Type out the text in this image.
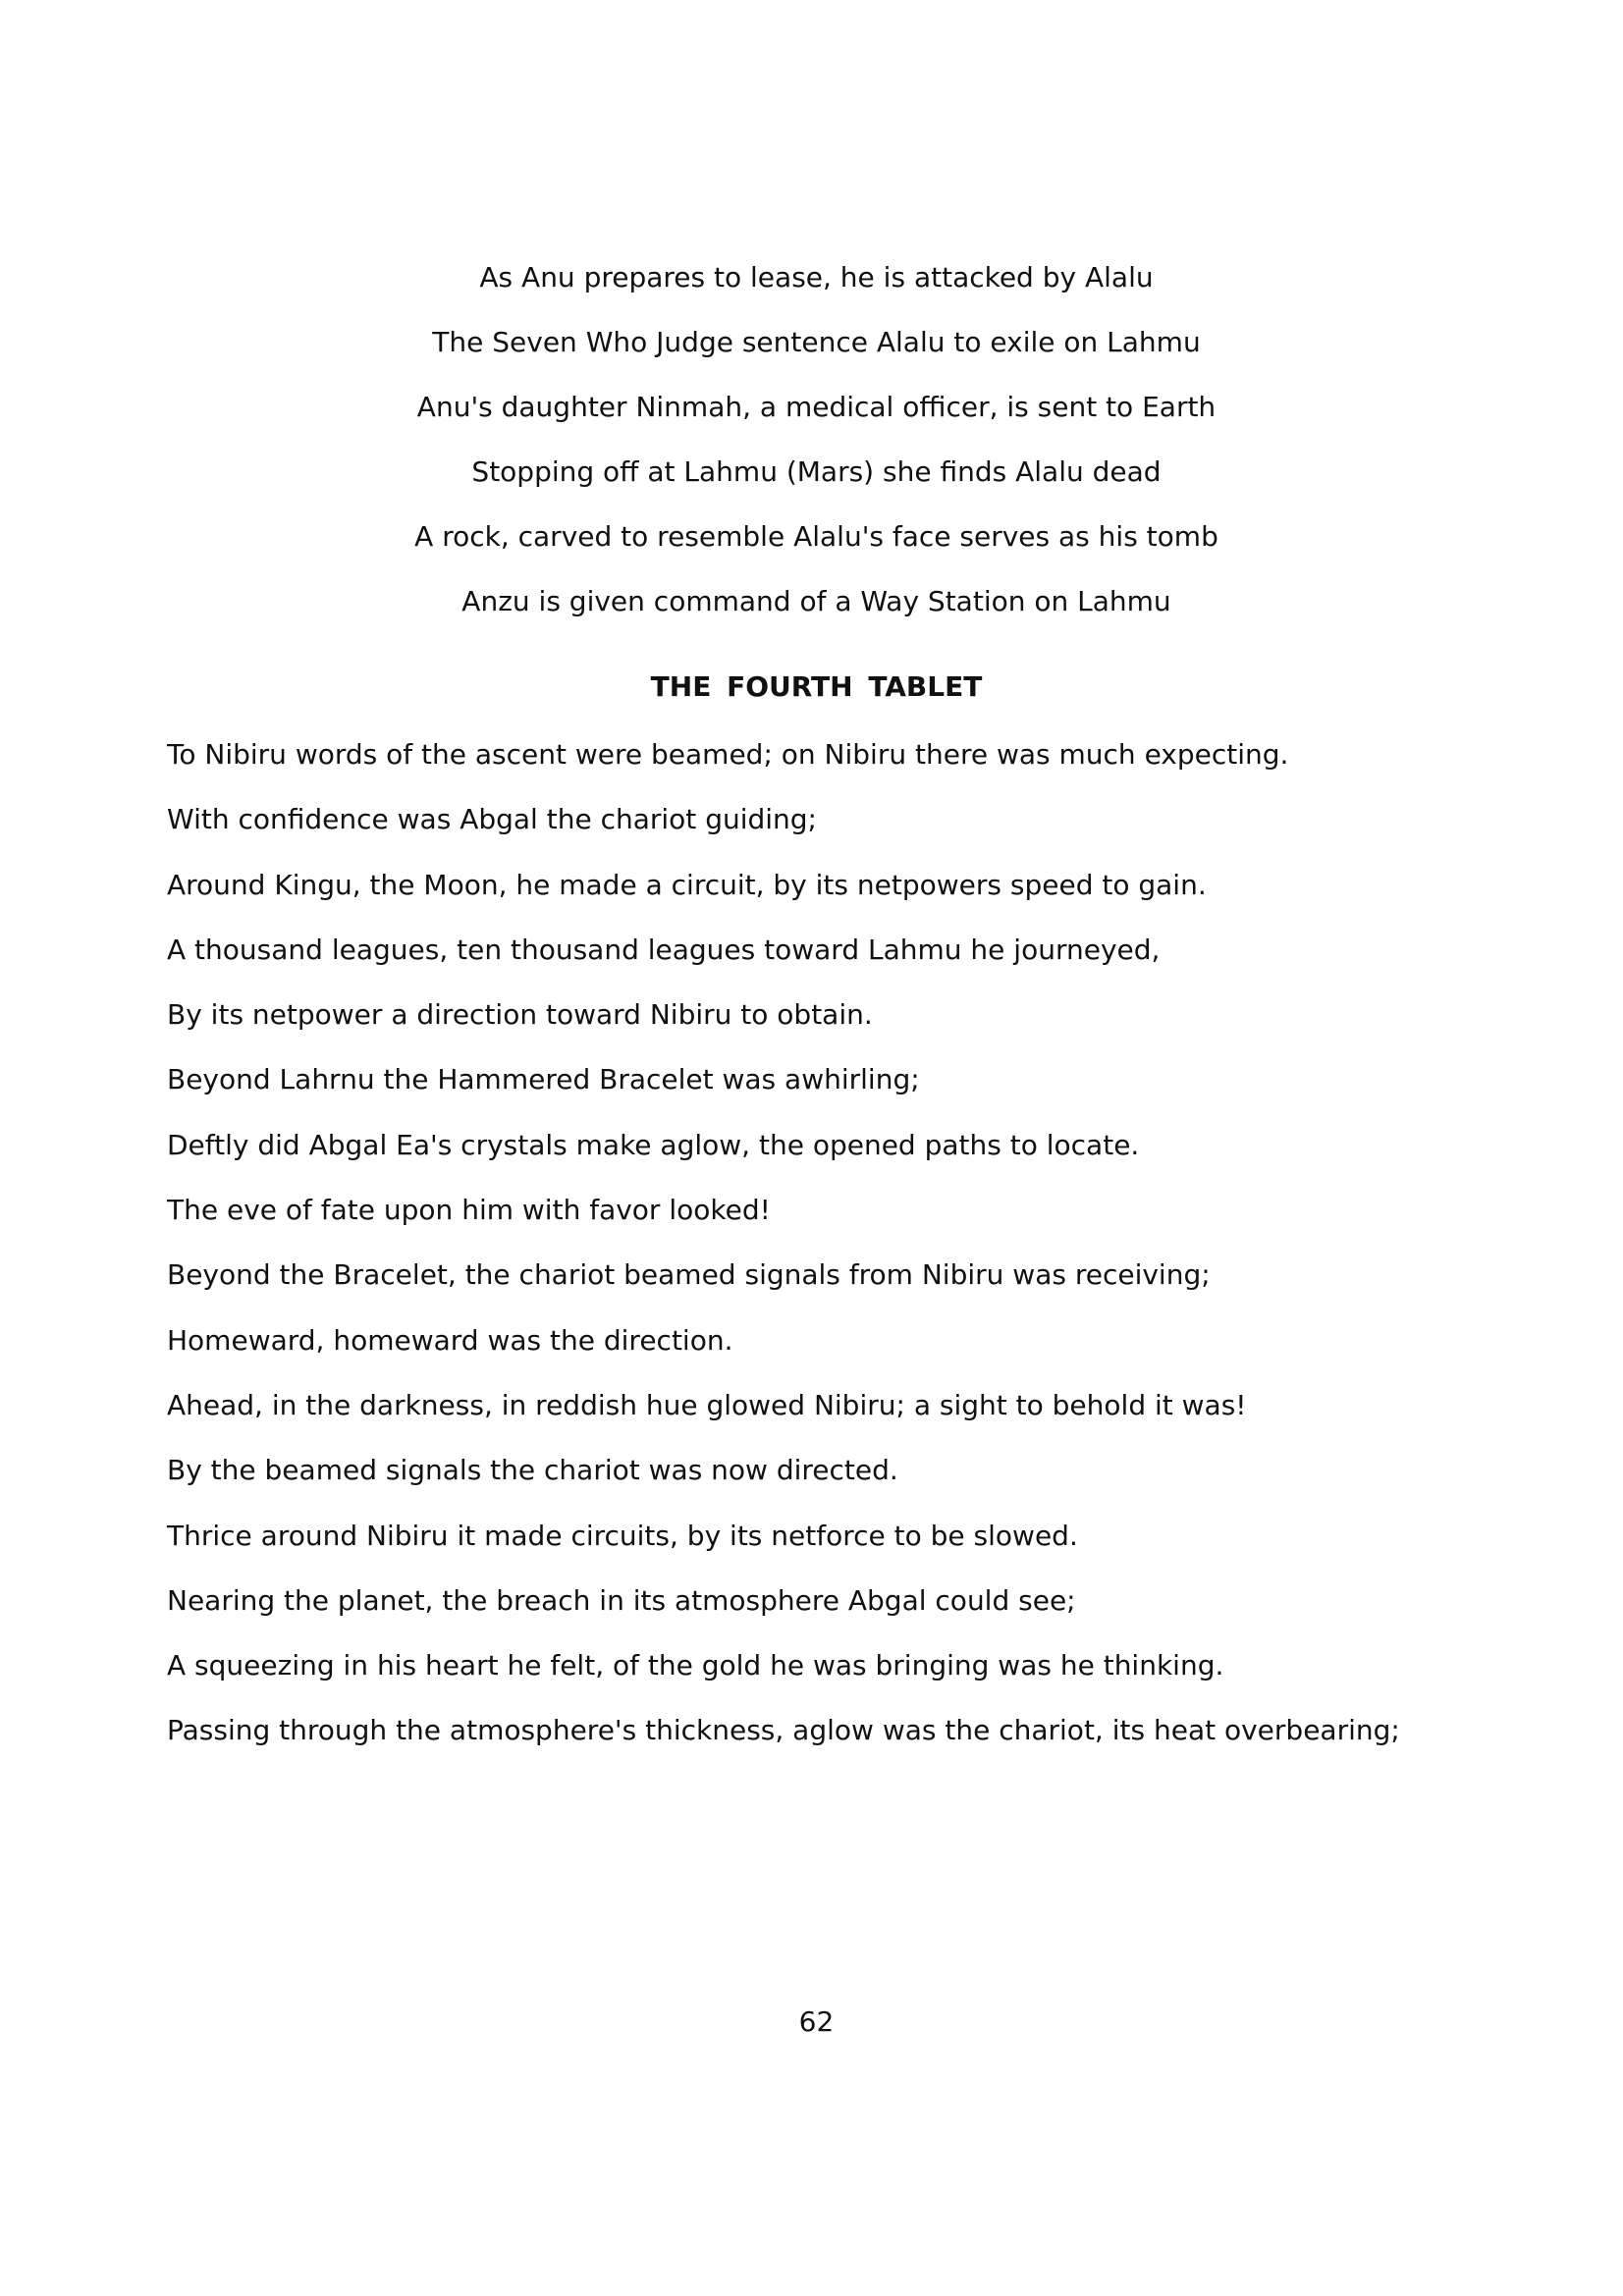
As Anu prepares to lease, he is attacked by Alalu
The Seven Who Judge sentence Alalu to exile on Lahmu
Anu's daughter Ninmah, a medical officer, is sent to Earth
Stopping off at Lahmu (Mars) she finds Alalu dead
A rock, carved to resemble Alalu's face serves as his tomb
Anzu is given command of a Way Station on Lahmu
THE FOURTH TABLET
To Nibiru words of the ascent were beamed; on Nibiru there was much expecting.
With confidence was Abgal the chariot guiding;
Around Kingu, the Moon, he made a circuit, by its netpowers speed to gain.
A thousand leagues, ten thousand leagues toward Lahmu he journeyed,
By its netpower a direction toward Nibiru to obtain.
Beyond Lahrnu the Hammered Bracelet was awhirling;
Deftly did Abgal Ea's crystals make aglow, the opened paths to locate.
The eve of fate upon him with favor looked!
Beyond the Bracelet, the chariot beamed signals from Nibiru was receiving;
Homeward, homeward was the direction.
Ahead, in the darkness, in reddish hue glowed Nibiru; a sight to behold it was!
By the beamed signals the chariot was now directed.
Thrice around Nibiru it made circuits, by its netforce to be slowed.
Nearing the planet, the breach in its atmosphere Abgal could see;
A squeezing in his heart he felt, of the gold he was bringing was he thinking.
Passing through the atmosphere's thickness, aglow was the chariot, its heat overbearing;
62
